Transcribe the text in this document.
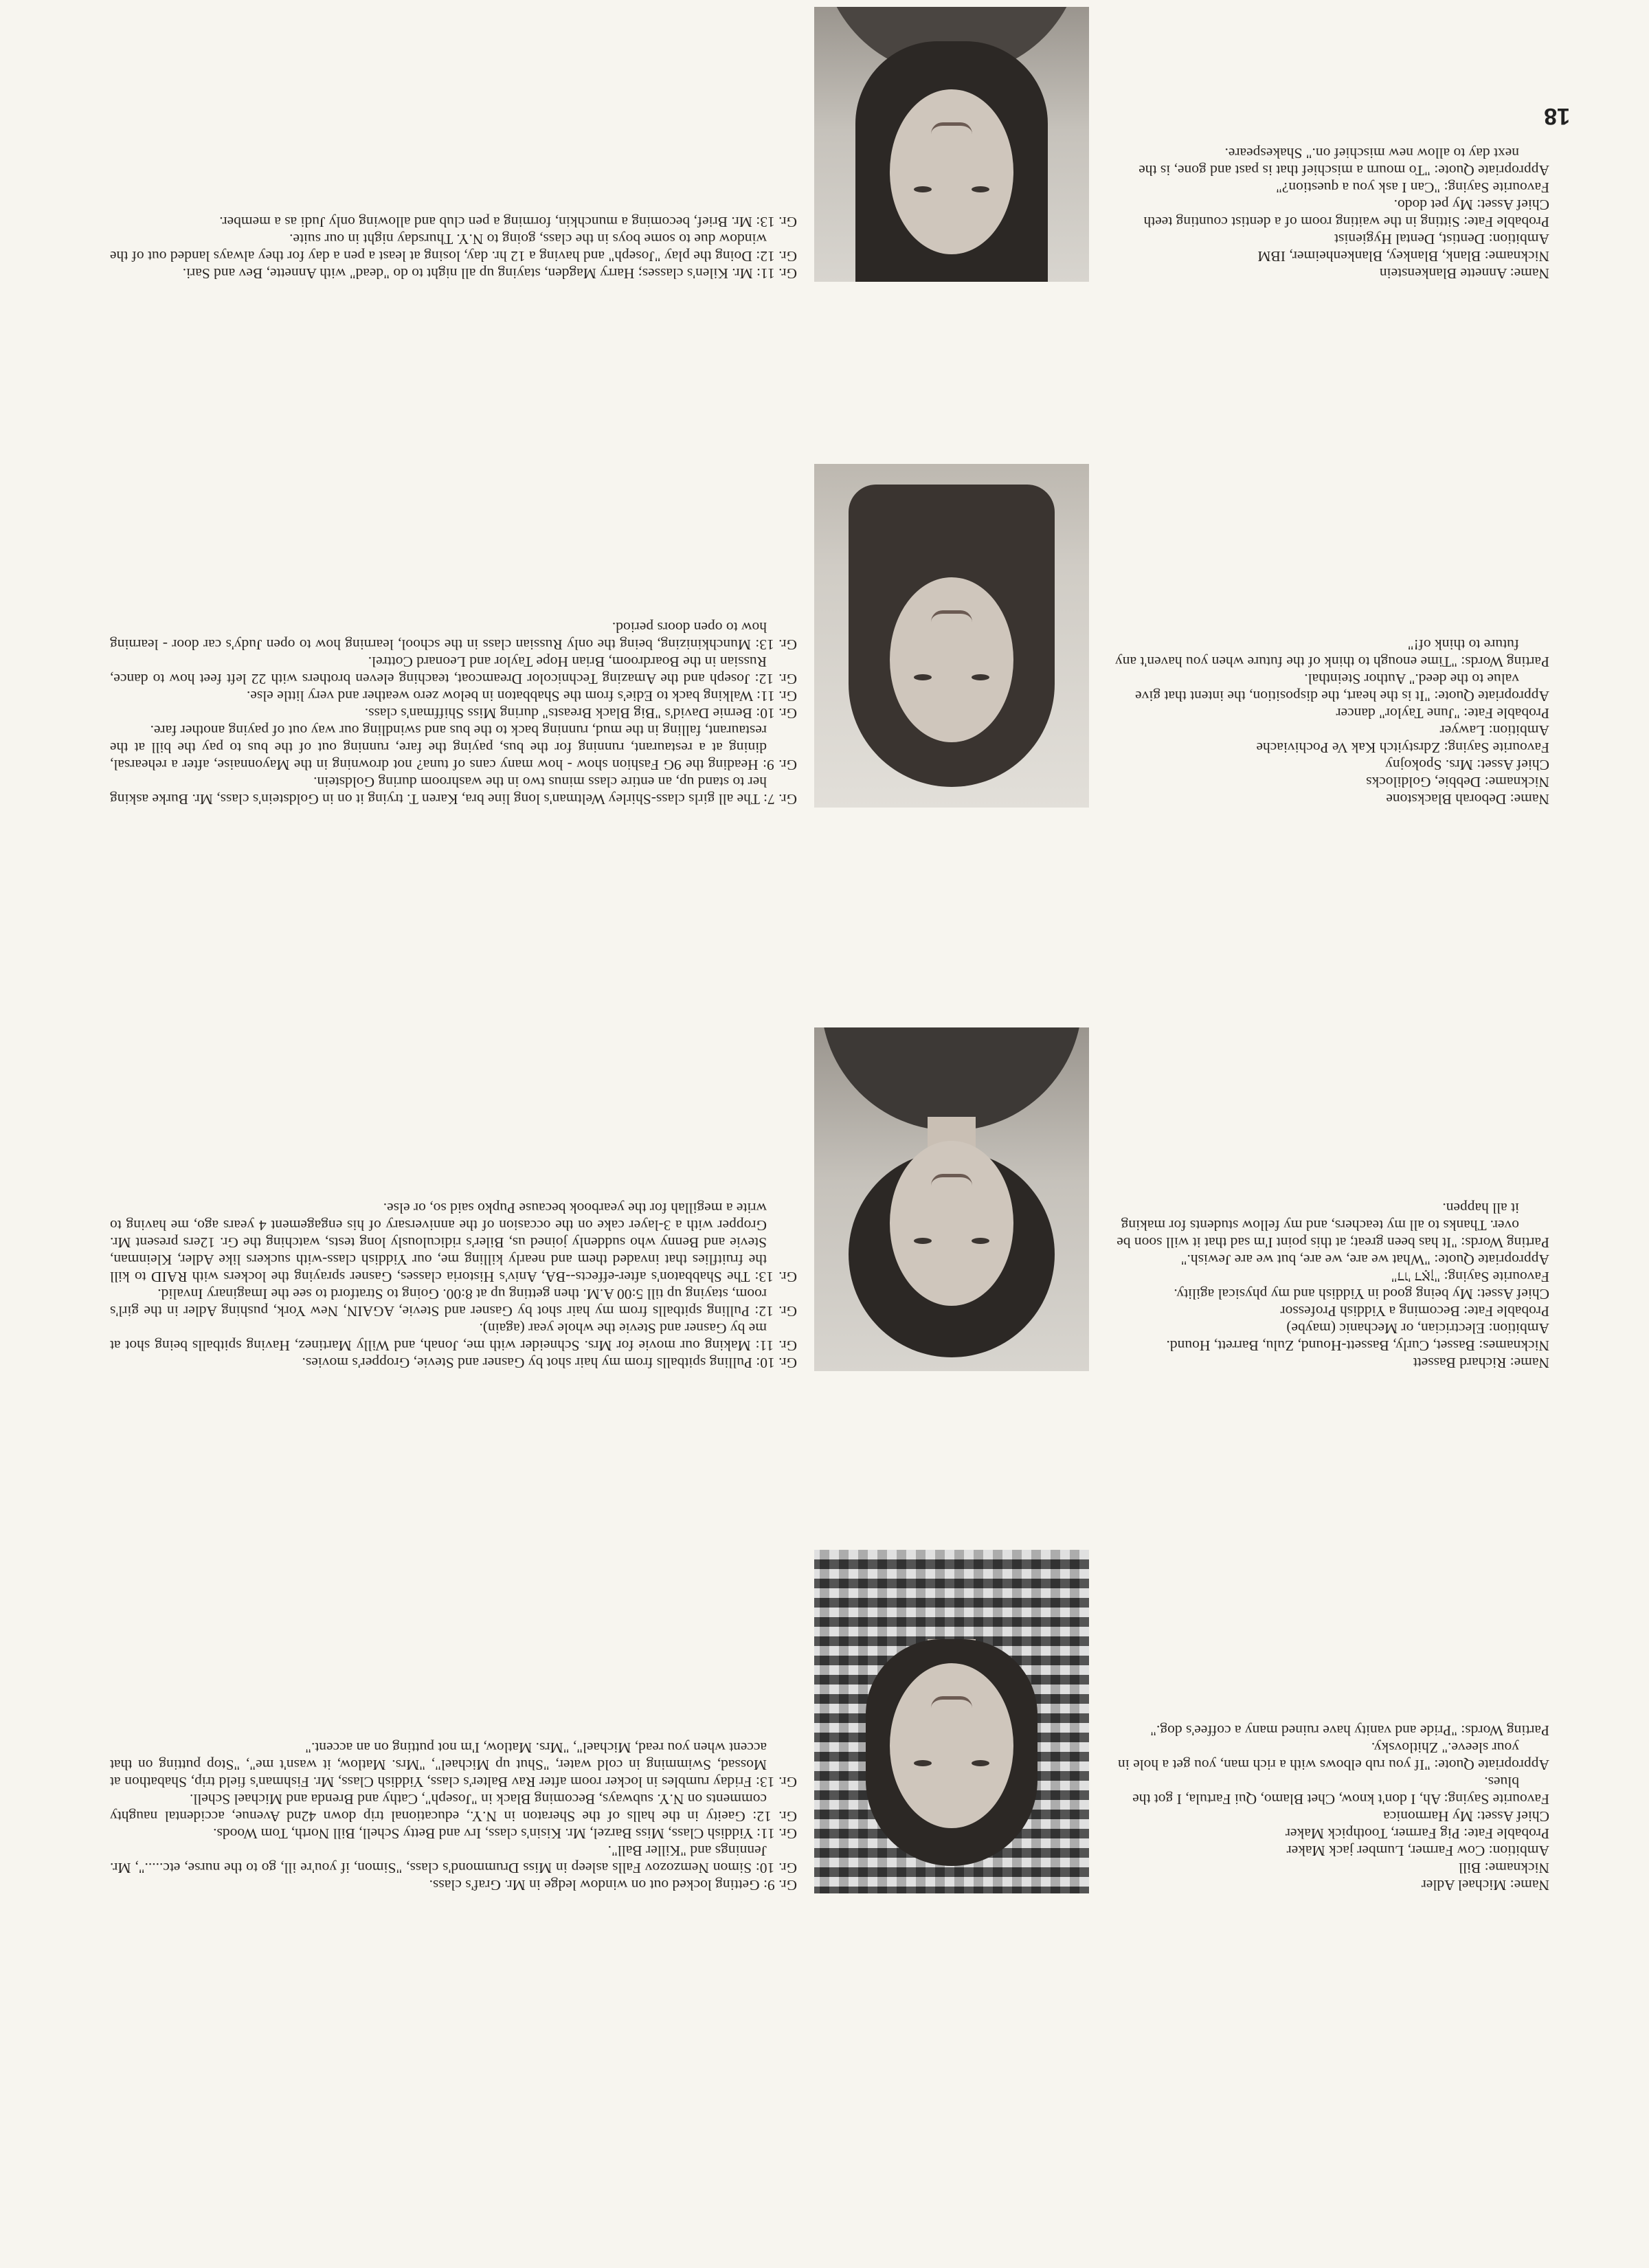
18
Name: Michael Adler
Nickname: Bill
Ambition: Cow Farmer, Lumber jack Maker
Probable Fate: Pig Farmer, Toothpick Maker
Chief Asset: My Harmonica
Favourite Saying: Ah, I don't know, Chet Blamo, Qui Fartula, I got the blues.
Appropriate Quote: "If you rub elbows with a rich man, you get a hole in your sleeve." Zhitlovsky.
Parting Words: "Pride and vanity have ruined many a coffee's dog."
Gr. 9: Getting locked out on window ledge in Mr. Graf's class.
Gr. 10: Simon Nemzozov Falls asleep in Miss Drummond's class, "Simon, if you're ill, go to the nurse, etc.....", Mr. Jennings and "Killer Ball".
Gr. 11: Yiddish Class, Miss Barzel, Mr. Kisin's class, Irv and Betty Schell, Bill North, Tom Woods.
Gr. 12: Gaeity in the halls of the Sheraton in N.Y., educational trip down 42nd Avenue, accidental naughty comments on N.Y. subways, Becoming Black in "Joseph", Cathy and Brenda and Michael Schell.
Gr. 13: Friday rumbles in locker room after Rav Balter's class, Yiddish Class, Mr. Fishman's field trip, Shabathon at Mossad, Swimming in cold water, "Shut up Michael", "Mrs. Matlow, it wasn't me", "Stop putting on that accent when you read, Michael", "Mrs. Matlow, I'm not putting on an accent."
Name: Richard Bassett
Nicknames: Basset, Curly, Bassett-Hound, Zulu, Barrett, Hound.
Ambition: Electrician, or Mechanic (maybe)
Probable Fate: Becoming a Yiddish Professor
Chief Asset: My being good in Yiddish and my physical agility.
Favourite Saying: "דו' דאָן"
Appropriate Quote: "What we are, we are, but we are Jewish."
Parting Words: "It has been great; at this point I'm sad that it will soon be over. Thanks to all my teachers, and my fellow students for making it all happen.
Gr. 10: Pulling spitballs from my hair shot by Gasner and Stevie, Gropper's movies.
Gr. 11: Making our movie for Mrs. Schneider with me, Jonah, and Willy Martinez, Having spitballs being shot at me by Gasner and Stevie the whole year (again).
Gr. 12: Pulling spitballs from my hair shot by Gasner and Stevie, AGAIN, New York, pushing Adler in the girl's room, staying up till 5:00 A.M. then getting up at 8:00. Going to Stratford to see the Imaginary Invalid.
Gr. 13: The Shabbaton's after-effects--BA, Aniv's Historia classes, Gasner spraying the lockers with RAID to kill the fruitflies that invaded them and nearly killing me, our Yiddish class-with suckers like Adler, Kleinman, Stevie and Benny who suddenly joined us, Biler's ridiculously long tests, watching the Gr. 12ers present Mr. Gropper with a 3-layer cake on the occasion of the anniversary of his engagement 4 years ago, me having to write a megillah for the yearbook because Pupko said so, or else.
Name: Deborah Blackstone
Nickname: Debbie, Goldilocks
Chief Asset: Mrs. Spokojny
Favourite Saying: Zdrstyitch Kak Ve Pochiviache
Ambition: Lawyer
Probable Fate: "June Taylor" dancer
Appropriate Quote: "It is the heart, the disposition, the intent that give value to the deed." Author Steinthal.
Parting Words: "Time enough to think of the future when you haven't any future to think of!"
Gr. 7: The all girls class-Shirley Weltman's long line bra, Karen T. trying it on in Goldstein's class, Mr. Burke asking her to stand up, an entire class minus two in the washroom during Goldstein.
Gr. 9: Heading the 9G Fashion show - how many cans of tuna? not drowning in the Mayonnaise, after a rehearsal, dining at a restaurant, running for the bus, paying the fare, running out of the bus to pay the bill at the restaurant, falling in the mud, running back to the bus and swindling our way out of paying another fare.
Gr. 10: Bernie David's "Big Black Breasts" during Miss Shiffman's class.
Gr. 11: Walking back to Edie's from the Shabbaton in below zero weather and very little else.
Gr. 12: Joseph and the Amazing Technicolor Dreamcoat, teaching eleven brothers with 22 left feet how to dance, Russian in the Boardroom, Brian Hope Taylor and Leonard Cottrel.
Gr. 13: Munchkinizing, being the only Russian class in the school, learning how to open Judy's car door - learning how to open doors period.
Name: Annette Blankenstein
Nickname: Blank, Blankey, Blankenheimer, IBM
Ambition: Dentist, Dental Hygienist
Probable Fate: Sitting in the waiting room of a dentist counting teeth
Chief Asset: My pet dodo.
Favourite Saying: "Can I ask you a question?"
Appropriate Quote: "To mourn a mischief that is past and gone, is the next day to allow new mischief on." Shakespeare.
Gr. 11: Mr. Kilen's classes; Harry Magden, staying up all night to do "dead" with Annette, Bev and Sari.
Gr. 12: Doing the play "Joseph" and having a 12 hr. day, losing at least a pen a day for they always landed out of the window due to some boys in the class, going to N.Y. Thursday night in our suite.
Gr. 13: Mr. Brief, becoming a munchkin, forming a pen club and allowing only Judi as a member.
